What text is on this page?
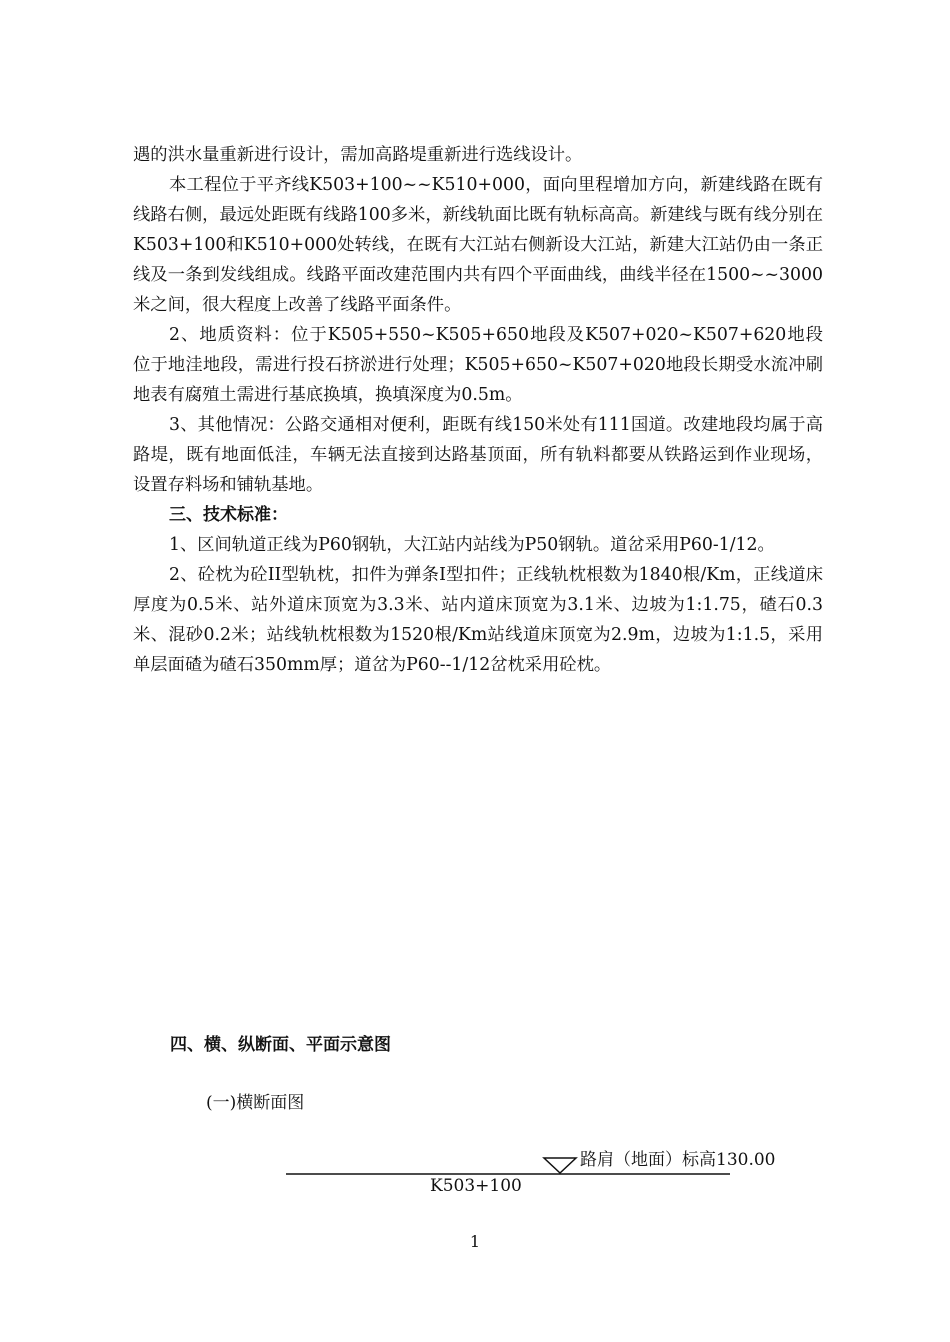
遇的洪水量重新进行设计，需加高路堤重新进行选线设计。

本工程位于平齐线K503+100~~K510+000，面向里程增加方向，新建线路在既有线路右侧，最远处距既有线路100多米，新线轨面比既有轨标高高。新建线与既有线分别在K503+100和K510+000处转线，在既有大江站右侧新设大江站，新建大江站仍由一条正线及一条到发线组成。线路平面改建范围内共有四个平面曲线，曲线半径在1500~~3000米之间，很大程度上改善了线路平面条件。

2、地质资料：位于K505+550~K505+650地段及K507+020~K507+620地段位于地洼地段，需进行投石挤淤进行处理；K505+650~K507+020地段长期受水流冲刷地表有腐殖土需进行基底换填，换填深度为0.5m。

3、其他情况：公路交通相对便利，距既有线150米处有111国道。改建地段均属于高路堤，既有地面低洼，车辆无法直接到达路基顶面，所有轨料都要从铁路运到作业现场，设置存料场和铺轨基地。

三、技术标准：

1、区间轨道正线为P60钢轨，大江站内站线为P50钢轨。道岔采用P60-1/12。

2、砼枕为砼II型轨枕，扣件为弹条I型扣件；正线轨枕根数为1840根/Km，正线道床厚度为0.5米、站外道床顶宽为3.3米、站内道床顶宽为3.1米、边坡为1:1.75，碴石0.3米、混砂0.2米；站线轨枕根数为1520根/Km站线道床顶宽为2.9m，边坡为1:1.5，采用单层面碴为碴石350mm厚；道岔为P60--1/12岔枕采用砼枕。

四、横、纵断面、平面示意图
(一)横断面图
路肩（地面）标高130.00
K503+100
1
